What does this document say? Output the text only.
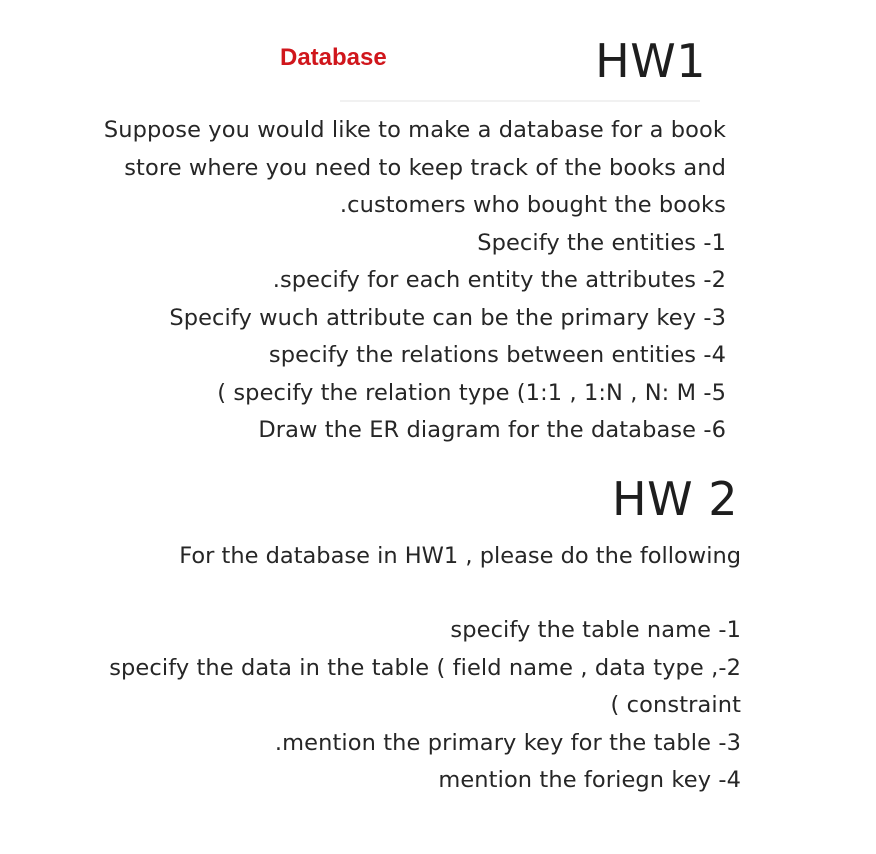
Database	HW1
Suppose you would like to make a database for a book
store where you need to keep track of the books and
.customers who bought the books
Specify the entities -1
.specify for each entity the attributes -2
Specify wuch attribute can be the primary key -3
specify the relations between entities -4
( specify the relation type (1:1 , 1:N , N: M -5
Draw the ER diagram for the database -6
HW 2
For the database in HW1 , please do the following
specify the table name -1
specify the data in the table ( field name , data type ,-2
( constraint
.mention the primary key for the table -3
mention the foriegn key -4
